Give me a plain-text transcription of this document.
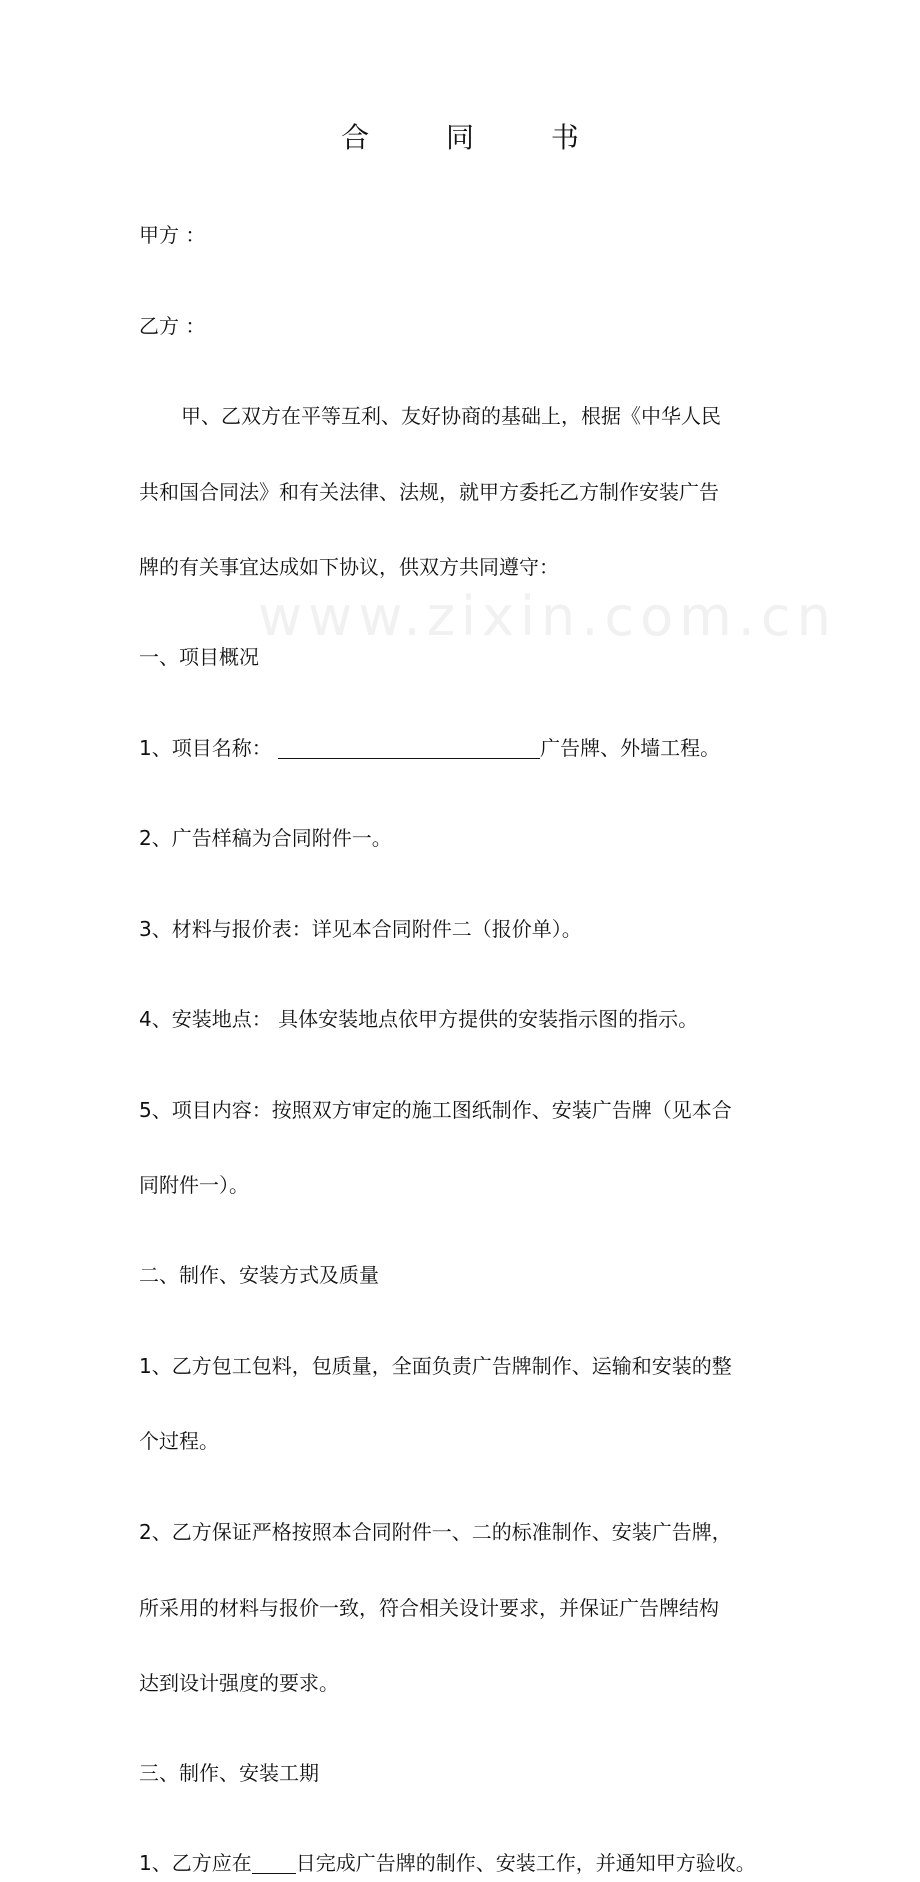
www.zixin.com.cn
合 同 书
甲方 ：
乙方 ：
甲、乙双方在平等互利、友好协商的基础上，根据《中华人民
共和国合同法》和有关法律、法规，就甲方委托乙方制作安装广告
牌的有关事宜达成如下协议，供双方共同遵守：
一、项目概况
1、项目名称：	广告牌、外墙工程。
2、广告样稿为合同附件一。
3、材料与报价表：详见本合同附件二（报价单）。
4、安装地点： 具体安装地点依甲方提供的安装指示图的指示。
5、项目内容：按照双方审定的施工图纸制作、安装广告牌（见本合
同附件一）。
二、制作、安装方式及质量
1、乙方包工包料，包质量，全面负责广告牌制作、运输和安装的整
个过程。
2、乙方保证严格按照本合同附件一、二的标准制作、安装广告牌，
所采用的材料与报价一致，符合相关设计要求，并保证广告牌结构
达到设计强度的要求。
三、制作、安装工期
1、乙方应在 日完成广告牌的制作、安装工作，并通知甲方验收。
